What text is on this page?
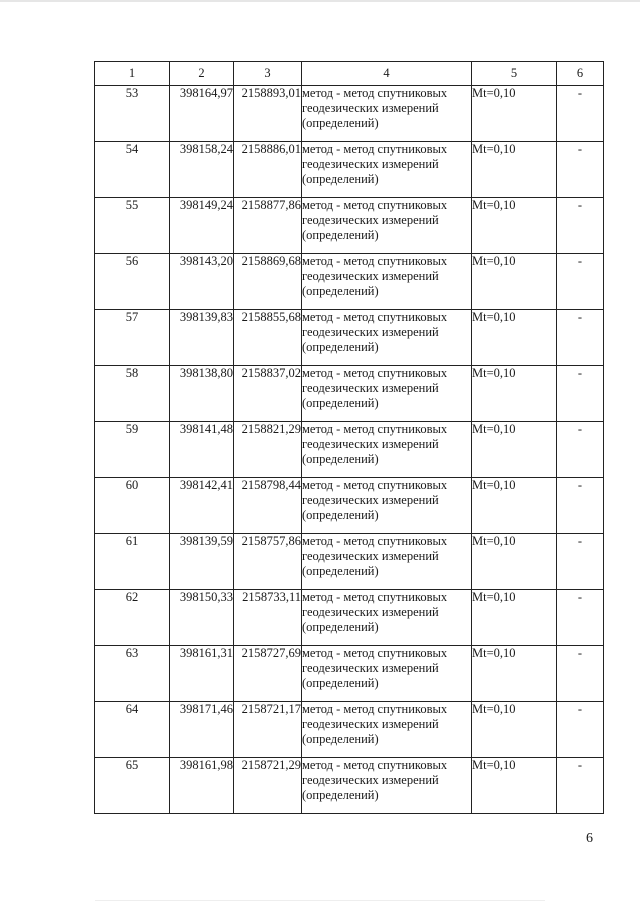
1	2	3	4	5	6
53	398164,97	2158893,01	метод - метод спутниковых геодезических измерений (определений)	Mt=0,10	-
54	398158,24	2158886,01	метод - метод спутниковых геодезических измерений (определений)	Mt=0,10	-
55	398149,24	2158877,86	метод - метод спутниковых геодезических измерений (определений)	Mt=0,10	-
56	398143,20	2158869,68	метод - метод спутниковых геодезических измерений (определений)	Mt=0,10	-
57	398139,83	2158855,68	метод - метод спутниковых геодезических измерений (определений)	Mt=0,10	-
58	398138,80	2158837,02	метод - метод спутниковых геодезических измерений (определений)	Mt=0,10	-
59	398141,48	2158821,29	метод - метод спутниковых геодезических измерений (определений)	Mt=0,10	-
60	398142,41	2158798,44	метод - метод спутниковых геодезических измерений (определений)	Mt=0,10	-
61	398139,59	2158757,86	метод - метод спутниковых геодезических измерений (определений)	Mt=0,10	-
62	398150,33	2158733,11	метод - метод спутниковых геодезических измерений (определений)	Mt=0,10	-
63	398161,31	2158727,69	метод - метод спутниковых геодезических измерений (определений)	Mt=0,10	-
64	398171,46	2158721,17	метод - метод спутниковых геодезических измерений (определений)	Mt=0,10	-
65	398161,98	2158721,29	метод - метод спутниковых геодезических измерений (определений)	Mt=0,10	-
6
